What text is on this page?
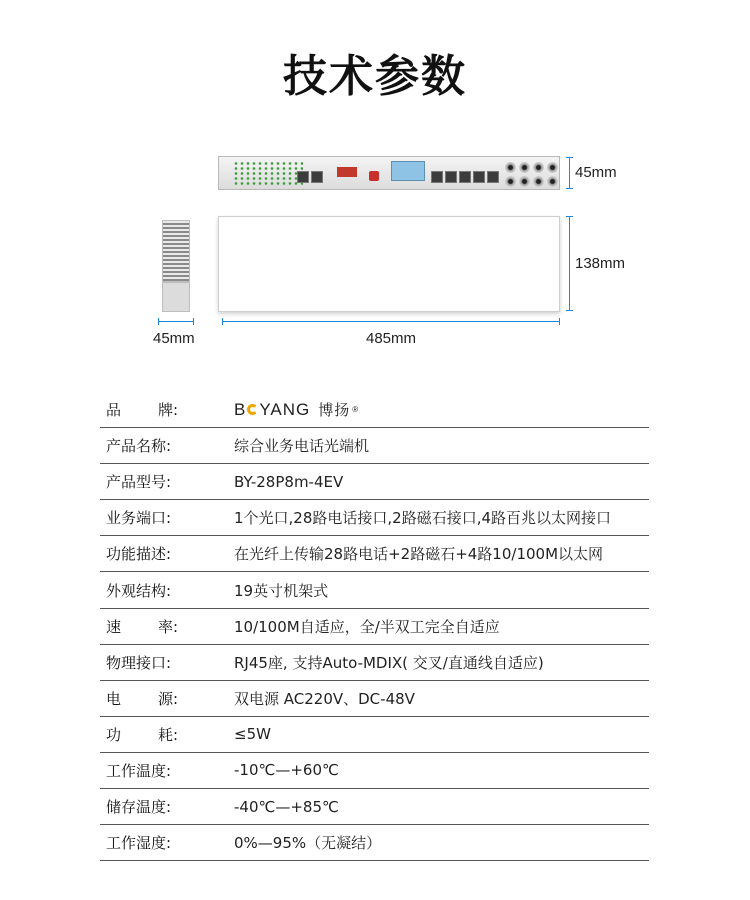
技术参数
45mm
138mm
45mm	485mm
品 牌:	B YANG 博扬 ®
产品名称:	综合业务电话光端机
产品型号:	BY-28P8m-4EV
业务端口:	1个光口,28路电话接口,2路磁石接口,4路百兆以太网接口
功能描述:	在光纤上传输28路电话+2路磁石+4路10/100M以太网
外观结构:	19英寸机架式
速 率:	10/100M自适应，全/半双工完全自适应
物理接口:	RJ45座, 支持Auto-MDIX( 交叉/直通线自适应)
电 源:	双电源 AC220V、DC-48V
功 耗:	≤5W
工作温度:	-10℃—+60℃
储存温度:	-40℃—+85℃
工作湿度:	0%—95%（无凝结）
